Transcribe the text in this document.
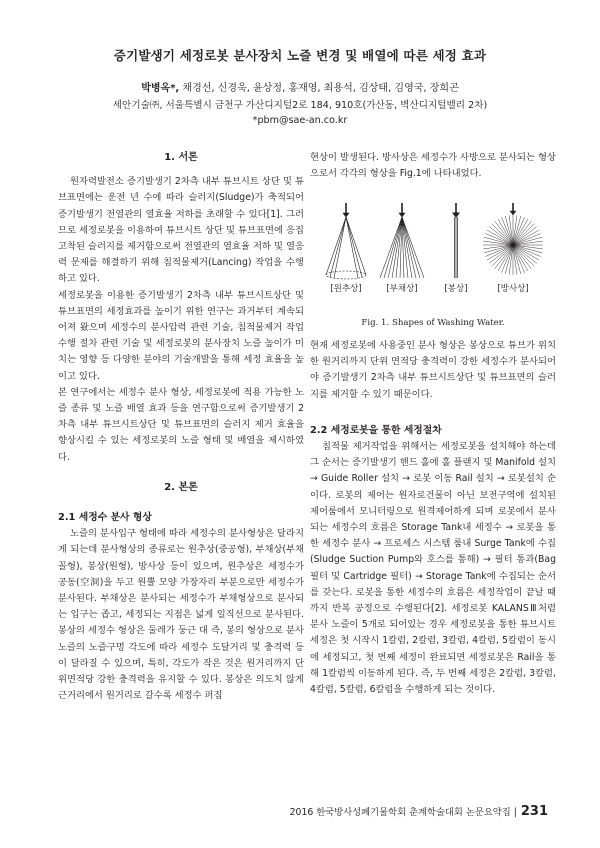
증기발생기 세정로봇 분사장치 노즐 변경 및 배열에 따른 세정 효과
박병옥*, 채경선, 신경욱, 윤상정, 홍재영, 최용석, 김상태, 김영국, 장희곤
세안기술㈜, 서울특별시 금천구 가산디지털2로 184, 910호(가산동, 벽산디지털밸리 2차)
*pbm@sae-an.co.kr
1. 서론

원자력발전소 증기발생기 2차측 내부 튜브시트 상단 및 튜브표면에는 운전 년 수에 따라 슬러지(Sludge)가 축적되어 증기발생기 전열관의 열효율 저하를 초래할 수 있다[1]. 그러므로 세정로봇을 이용하여 튜브시트 상단 및 튜브표면에 응집 고착된 슬러지를 제거함으로써 전열관의 열효율 저하 및 열응력 문제를 해결하기 위해 침적물제거(Lancing) 작업을 수행하고 있다.

세정로봇을 이용한 증기발생기 2차측 내부 튜브시트상단 및 튜브표면의 세정효과를 높이기 위한 연구는 과거부터 계속되어져 왔으며 세정수의 분사압력 관련 기술, 침적물제거 작업 수행 절차 관련 기술 및 세정로봇의 분사장치 노즐 높이가 미치는 영향 등 다양한 분야의 기술개발을 통해 세정 효율을 높이고 있다.

본 연구에서는 세정수 분사 형상, 세정로봇에 적용 가능한 노즐 종류 및 노즐 배열 효과 등을 연구함으로써 증기발생기 2차측 내부 튜브시트상단 및 튜브표면의 슬러지 제거 효율을 향상시킬 수 있는 세정로봇의 노즐 형태 및 배열을 제시하였다.

2. 본론
2.1 세정수 분사 형상

노즐의 분사입구 형태에 따라 세정수의 분사형상은 달라지게 되는데 분사형상의 종류로는 원추상(중공형), 부채상(부채꼴형), 봉상(원형), 방사상 등이 있으며, 원추상은 세정수가 공동(空洞)을 두고 원뿔 모양 가장자리 부분으로만 세정수가 분사된다. 부채상은 분사되는 세정수가 부채형상으로 분사되는 입구는 좁고, 세정되는 지점은 넓게 일직선으로 분사된다. 봉상의 세정수 형상은 둘레가 둥근 대 즉, 봉의 형상으로 분사노즐의 노즐구멍 각도에 따라 세정수 도달거리 및 충격력 등이 달라질 수 있으며, 특히, 각도가 작은 것은 원거리까지 단위면적당 강한 충격력을 유지할 수 있다. 봉상은 의도치 않게 근거리에서 원거리로 갈수록 세정수 퍼짐

현상이 발생된다. 방사상은 세정수가 사방으로 분사되는 형상으로서 각각의 형상을 Fig.1에 나타내었다.

[원추상]	[부채상]	[봉상]	[방사상]
Fig. 1. Shapes of Washing Water.

현재 세정로봇에 사용중인 분사 형상은 봉상으로 튜브가 위치한 원거리까지 단위 면적당 충격력이 강한 세정수가 분사되어야 증기발생기 2차측 내부 튜브시트상단 및 튜브표면의 슬러지를 제거할 수 있기 때문이다.

2.2 세정로봇을 통한 세정절차

침적물 제거작업을 위해서는 세정로봇을 설치해야 하는데 그 순서는 증기발생기 핸드 홀에 홀 플랜지 및 Manifold 설치 → Guide Roller 설치 → 로봇 이동 Rail 설치 → 로봇설치 순이다. 로봇의 제어는 원자로건물이 아닌 보전구역에 설치된 제어룸에서 모니터링으로 원격제어하게 되며 로봇에서 분사되는 세정수의 흐름은 Storage Tank내 세정수 → 로봇을 통한 세정수 분사 → 프로세스 시스템 룸내 Surge Tank에 수집(Sludge Suction Pump와 호스를 통해) → 필터 통과(Bag 필터 및 Cartridge 필터) → Storage Tank에 수집되는 순서를 갖는다. 로봇을 통한 세정수의 흐름은 세정작업이 끝날 때 까지 반복 공정으로 수행된다[2]. 세정로봇 KALANSⅢ처럼 분사 노즐이 5개로 되어있는 경우 세정로봇을 통한 튜브시트 세정은 첫 시작시 1칼럼, 2칼럼, 3칼럼, 4칼럼, 5칼럼이 동시에 세정되고, 첫 번째 세정이 완료되면 세정로봇은 Rail을 통해 1칼럼씩 이동하게 된다. 즉, 두 번째 세정은 2칼럼, 3칼럼, 4칼럼, 5칼럼, 6칼럼을 수행하게 되는 것이다.

2016 한국방사성폐기물학회 춘계학술대회 논문요약집 | 231
